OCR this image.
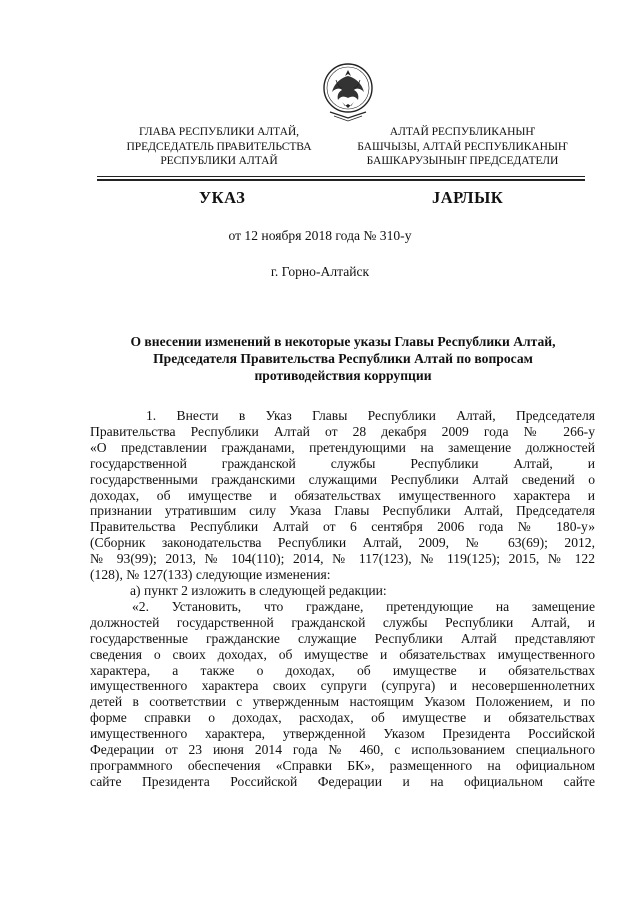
ГЛАВА РЕСПУБЛИКИ АЛТАЙ,
ПРЕДСЕДАТЕЛЬ ПРАВИТЕЛЬСТВА
РЕСПУБЛИКИ АЛТАЙ
АЛТАЙ РЕСПУБЛИКАНЫҤ
БАШЧЫЗЫ, АЛТАЙ РЕСПУБЛИКАНЫҤ
БАШКАРУЗЫНЫҤ ПРЕДСЕДАТЕЛИ
УКАЗ	ЈАРЛЫК
от 12 ноября 2018 года № 310-у
г. Горно-Алтайск
О внесении изменений в некоторые указы Главы Республики Алтай,
Председателя Правительства Республики Алтай по вопросам
противодействия коррупции
1. Внести в Указ Главы Республики Алтай, Председателя
Правительства Республики Алтай от 28 декабря 2009 года № 266-у
«О представлении гражданами, претендующими на замещение должностей
государственной гражданской службы Республики Алтай, и
государственными гражданскими служащими Республики Алтай сведений о
доходах, об имуществе и обязательствах имущественного характера и
признании утратившим силу Указа Главы Республики Алтай, Председателя
Правительства Республики Алтай от 6 сентября 2006 года № 180-у»
(Сборник законодательства Республики Алтай, 2009, № 63(69); 2012,
№ 93(99); 2013, № 104(110); 2014, № 117(123), № 119(125); 2015, № 122
(128), № 127(133) следующие изменения:
а) пункт 2 изложить в следующей редакции:
«2. Установить, что граждане, претендующие на замещение
должностей государственной гражданской службы Республики Алтай, и
государственные гражданские служащие Республики Алтай представляют
сведения о своих доходах, об имуществе и обязательствах имущественного
характера, а также о доходах, об имуществе и обязательствах
имущественного характера своих супруги (супруга) и несовершеннолетних
детей в соответствии с утвержденным настоящим Указом Положением, и по
форме справки о доходах, расходах, об имуществе и обязательствах
имущественного характера, утвержденной Указом Президента Российской
Федерации от 23 июня 2014 года № 460, с использованием специального
программного обеспечения «Справки БК», размещенного на официальном
сайте Президента Российской Федерации и на официальном сайте
